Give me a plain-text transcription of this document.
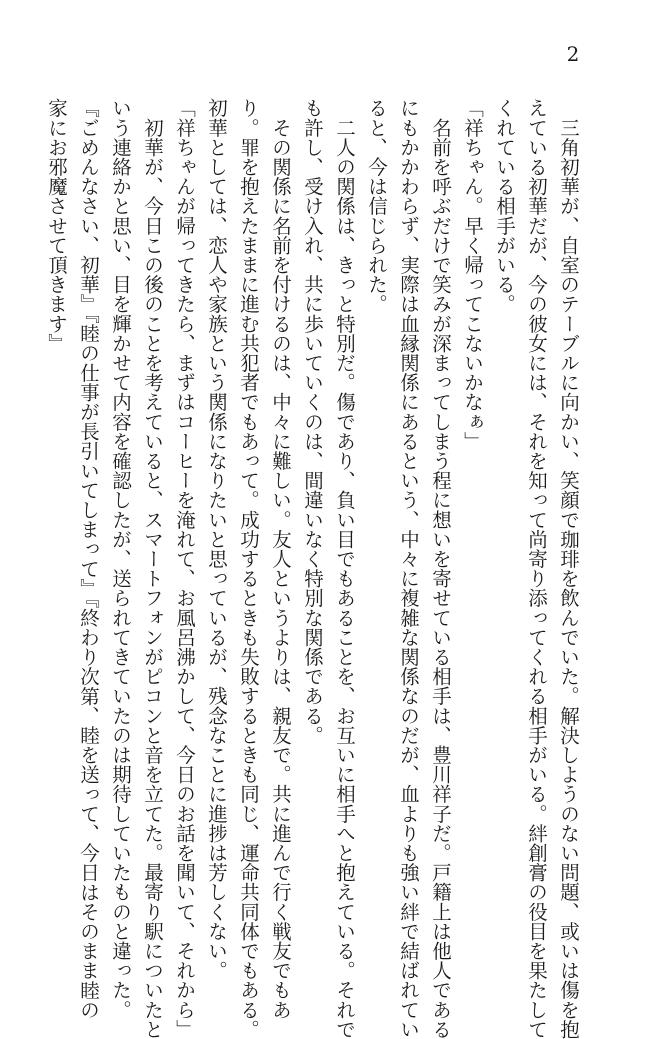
2
　三角初華が、自室のテーブルに向かい、笑顔で珈琲を飲んでいた。解決しようのない問題、或いは傷を抱
えている初華だが、今の彼女には、それを知って尚寄り添ってくれる相手がいる。絆創膏の役目を果たして
くれている相手がいる。
「祥ちゃん。早く帰ってこないかなぁ」
　名前を呼ぶだけで笑みが深まってしまう程に想いを寄せている相手は、豊川祥子だ。戸籍上は他人である
にもかかわらず、実際は血縁関係にあるという、中々に複雑な関係なのだが、血よりも強い絆で結ばれてい
ると、今は信じられた。
　二人の関係は、きっと特別だ。傷であり、負い目でもあることを、お互いに相手へと抱えている。それで
も許し、受け入れ、共に歩いていくのは、間違いなく特別な関係である。
　その関係に名前を付けるのは、中々に難しい。友人というよりは、親友で。共に進んで行く戦友でもあ
り。罪を抱えたままに進む共犯者でもあって。成功するときも失敗するときも同じ、運命共同体でもある。
初華としては、恋人や家族という関係になりたいと思っているが、残念なことに進捗は芳しくない。
「祥ちゃんが帰ってきたら、まずはコーヒーを淹れて、お風呂沸かして、今日のお話を聞いて、それから」
　初華が、今日この後のことを考えていると、スマートフォンがピコンと音を立てた。最寄り駅についたと
いう連絡かと思い、目を輝かせて内容を確認したが、送られてきていたのは期待していたものと違った。
『ごめんなさい、初華』『睦の仕事が長引いてしまって』『終わり次第、睦を送って、今日はそのまま睦の
家にお邪魔させて頂きます』
